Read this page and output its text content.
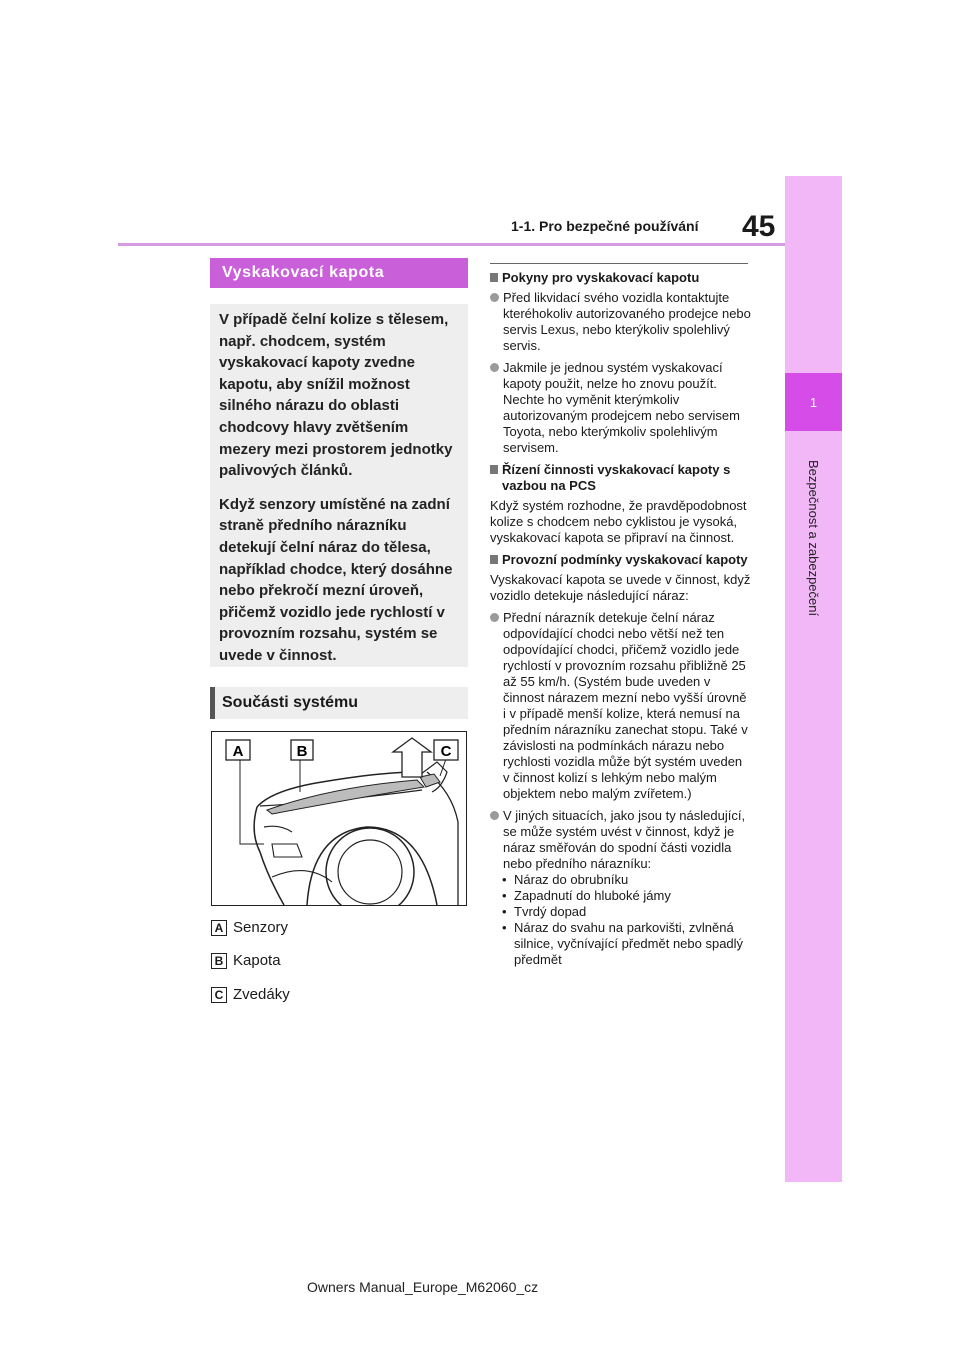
45
1-1. Pro bezpečné používání
1
Bezpečnost a zabezpečení
Vyskakovací kapota

V případě čelní kolize s tělesem, např. chodcem, systém vyskakovací kapoty zvedne kapotu, aby snížil možnost silného nárazu do oblasti chodcovy hlavy zvětšením mezery mezi prostorem jednotky palivových článků.

Když senzory umístěné na zadní straně předního nárazníku detekují čelní náraz do tělesa, například chodce, který dosáhne nebo překročí mezní úroveň, přičemž vozidlo jede rychlostí v provozním rozsahu, systém se uvede v činnost.

Součásti systému
A	B	C
A Senzory
B Kapota
C Zvedáky
Pokyny pro vyskakovací kapotu
Před likvidací svého vozidla kontaktujte kteréhokoliv autorizovaného prodejce nebo servis Lexus, nebo kterýkoliv spolehlivý servis.
Jakmile je jednou systém vyskakovací kapoty použit, nelze ho znovu použít. Nechte ho vyměnit kterýmkoliv autorizovaným prodejcem nebo servisem Toyota, nebo kterýmkoliv spolehlivým servisem.
Řízení činnosti vyskakovací kapoty s vazbou na PCS
Když systém rozhodne, že pravděpodobnost kolize s chodcem nebo cyklistou je vysoká, vyskakovací kapota se připraví na činnost.
Provozní podmínky vyskakovací kapoty
Vyskakovací kapota se uvede v činnost, když vozidlo detekuje následující náraz:
Přední nárazník detekuje čelní náraz odpovídající chodci nebo větší než ten odpovídající chodci, přičemž vozidlo jede rychlostí v provozním rozsahu přibližně 25 až 55 km/h. (Systém bude uveden v činnost nárazem mezní nebo vyšší úrovně i v případě menší kolize, která nemusí na předním nárazníku zanechat stopu. Také v závislosti na podmínkách nárazu nebo rychlosti vozidla může být systém uveden v činnost kolizí s lehkým nebo malým objektem nebo malým zvířetem.)
V jiných situacích, jako jsou ty následující, se může systém uvést v činnost, když je náraz směřován do spodní části vozidla nebo předního nárazníku:
• Náraz do obrubníku
• Zapadnutí do hluboké jámy
• Tvrdý dopad
• Náraz do svahu na parkovišti, zvlněná silnice, vyčnívající předmět nebo spadlý předmět
Owners Manual_Europe_M62060_cz
